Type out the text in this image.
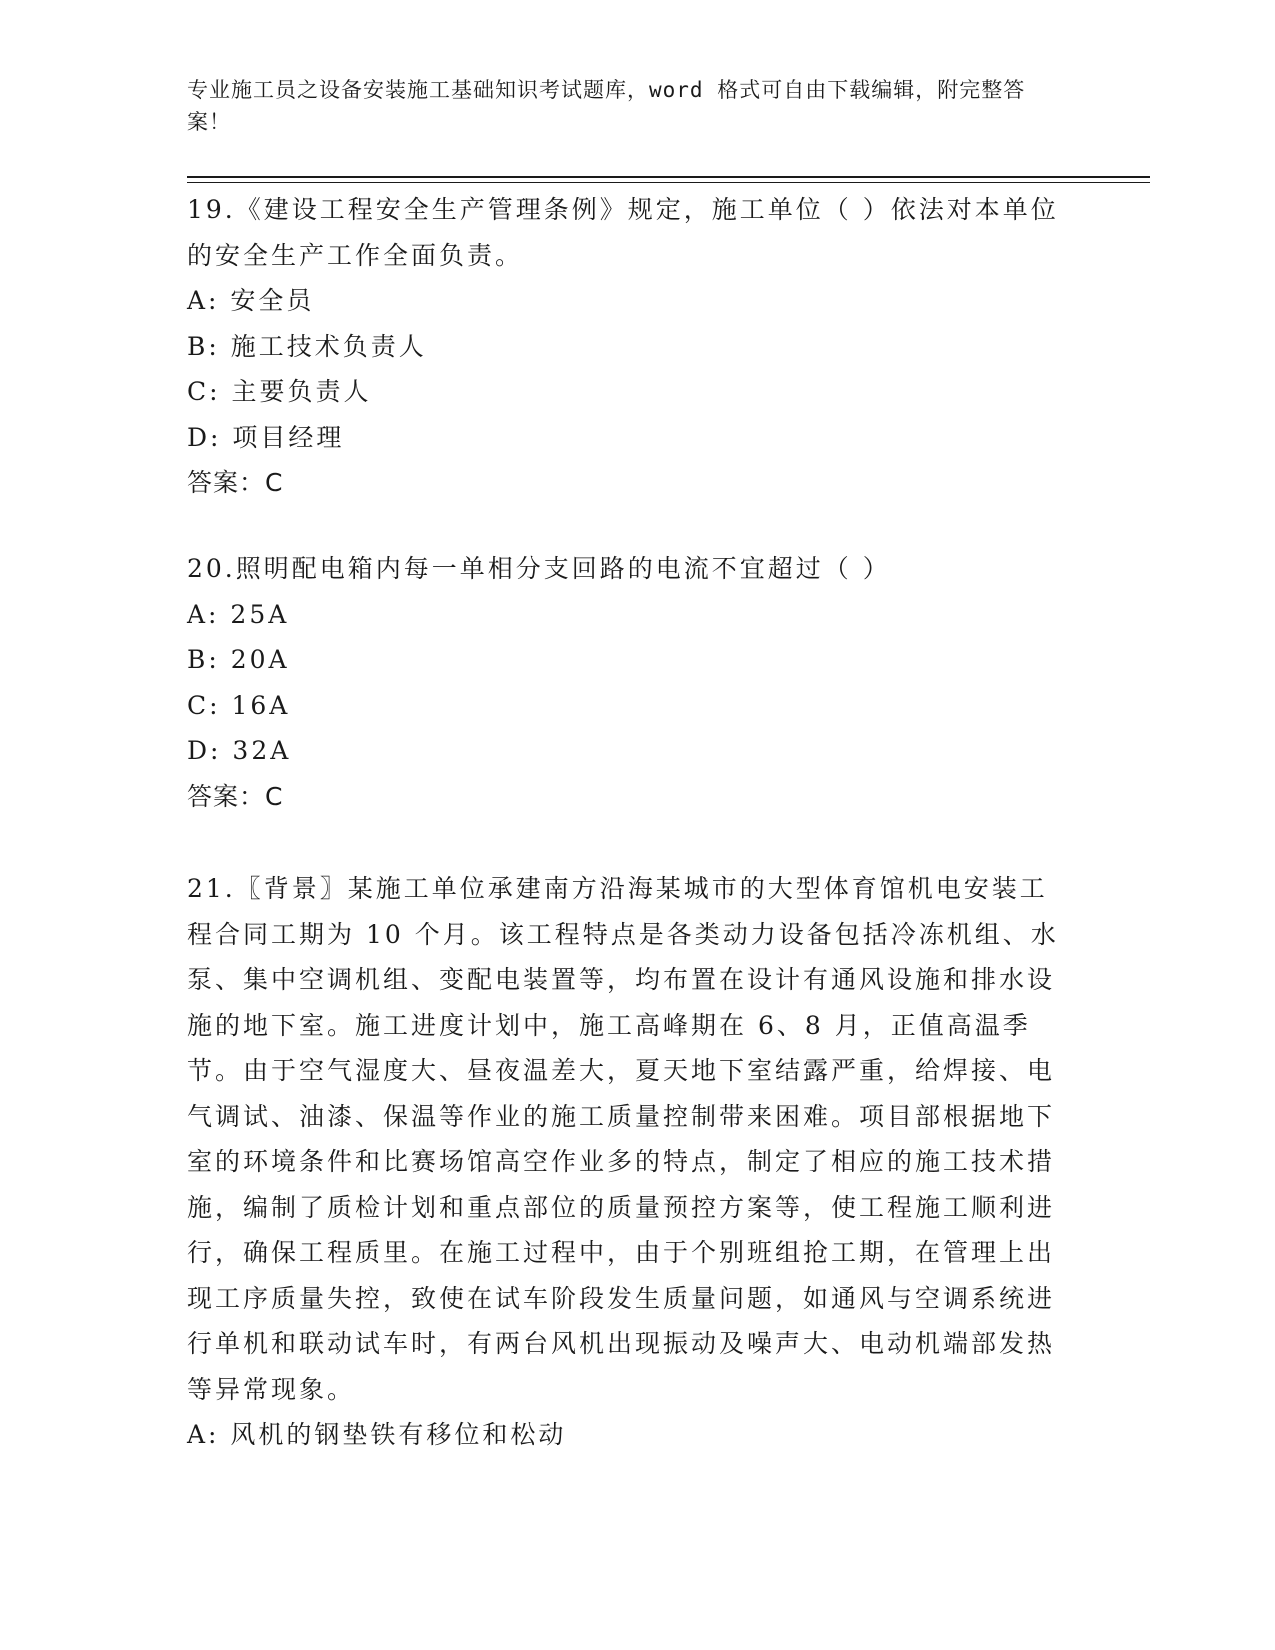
专业施工员之设备安装施工基础知识考试题库，word 格式可自由下载编辑，附完整答案！

19.《建设工程安全生产管理条例》规定，施工单位（ ）依法对本单位的安全生产工作全面负责。

A: 安全员

B: 施工技术负责人

C: 主要负责人

D: 项目经理

答案：C

20.照明配电箱内每一单相分支回路的电流不宜超过（ ）

A: 25A

B: 20A

C: 16A

D: 32A

答案：C

21.〖背景〗某施工单位承建南方沿海某城市的大型体育馆机电安装工程合同工期为 10 个月。该工程特点是各类动力设备包括冷冻机组、水泵、集中空调机组、变配电装置等，均布置在设计有通风设施和排水设施的地下室。施工进度计划中，施工高峰期在 6、8 月，正值高温季节。由于空气湿度大、昼夜温差大，夏天地下室结露严重，给焊接、电气调试、油漆、保温等作业的施工质量控制带来困难。项目部根据地下室的环境条件和比赛场馆高空作业多的特点，制定了相应的施工技术措施，编制了质检计划和重点部位的质量预控方案等，使工程施工顺利进行，确保工程质里。在施工过程中，由于个别班组抢工期，在管理上出现工序质量失控，致使在试车阶段发生质量问题，如通风与空调系统进行单机和联动试车时，有两台风机出现振动及噪声大、电动机端部发热等异常现象。

A: 风机的钢垫铁有移位和松动
